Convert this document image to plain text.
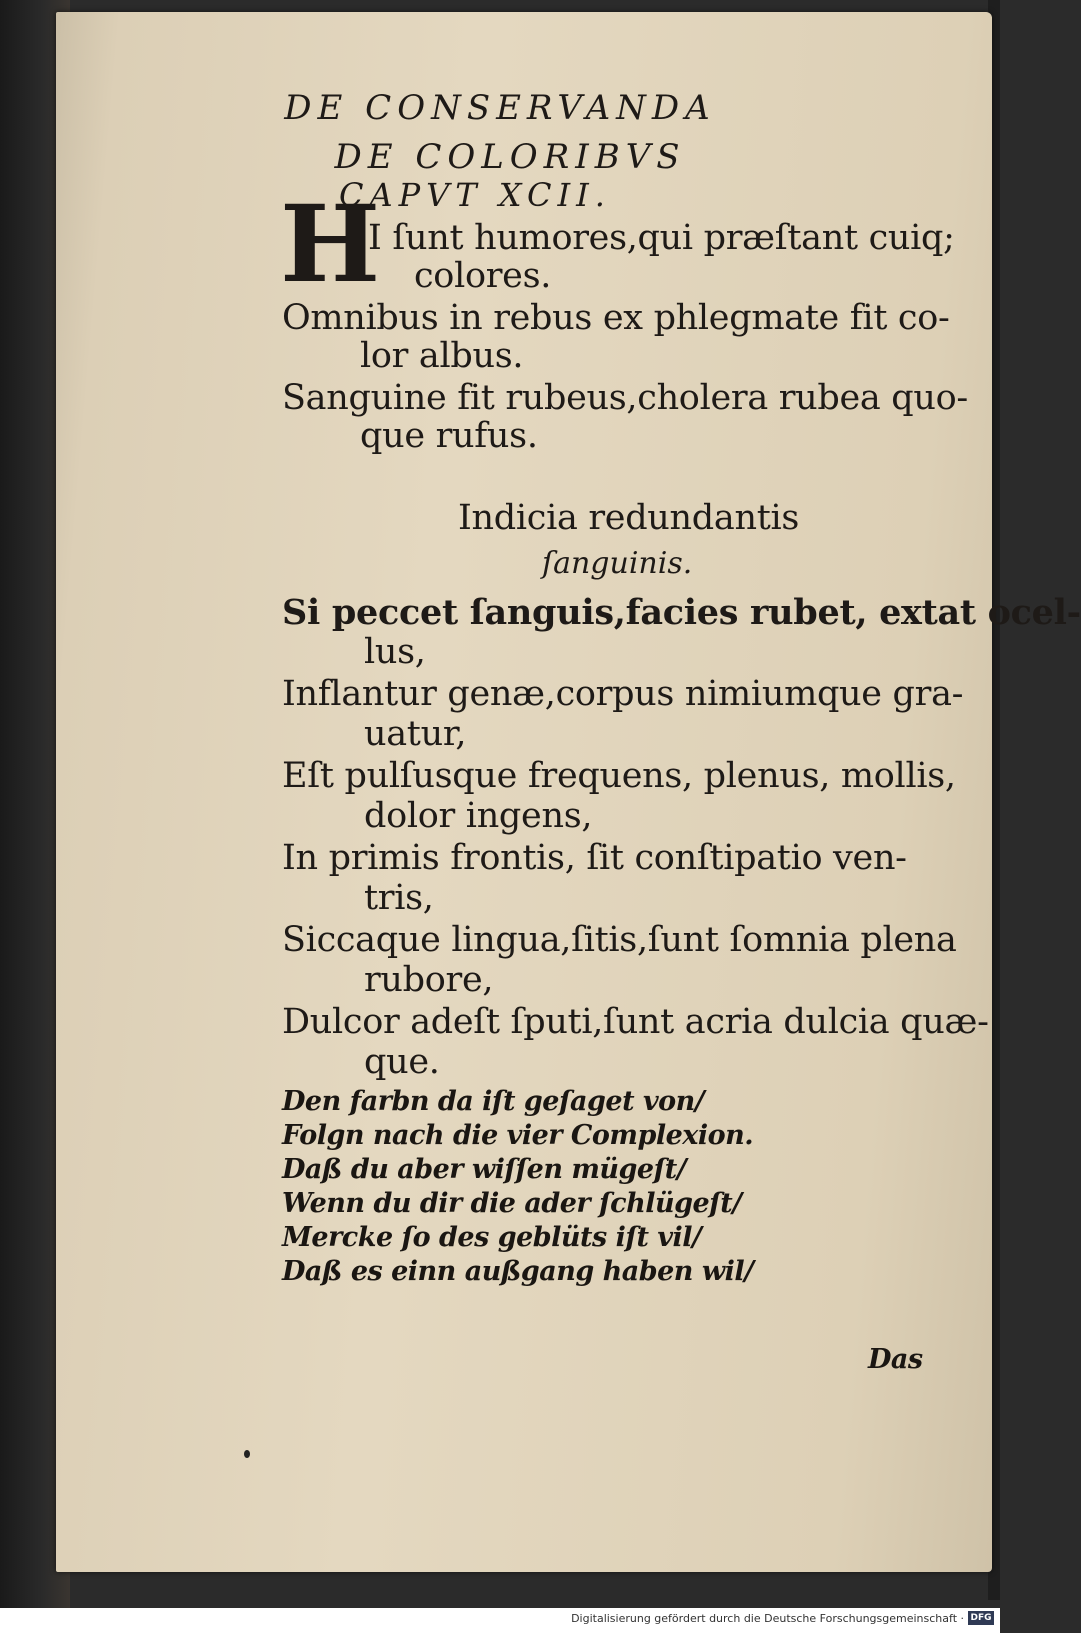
DE CONSERVANDA
DE COLORIBVS
CAPVT XCII.
H
I ſunt humores,qui præſtant cuiq;
colores.
Omnibus in rebus ex phlegmate fit co-
lor albus.
Sanguine fit rubeus,cholera rubea quo-
que rufus.
Indicia redundantis
ſanguinis.
Si peccet ſanguis,facies rubet, extat ocel-
lus,
Inflantur genæ,corpus nimiumque gra-
uatur,
Eſt pulſusque frequens, plenus, mollis,
dolor ingens,
In primis frontis, ſit conſtipatio ven-
tris,
Siccaque lingua,ſitis,ſunt ſomnia plena
rubore,
Dulcor adeſt ſputi,ſunt acria dulcia quæ-
que.
Den farbn da iſt geſaget von/
Folgn nach die vier Complexion.
Daß du aber wiſſen mügeſt/
Wenn du dir die ader ſchlügeſt/
Mercke ſo des geblüts iſt vil/
Daß es einn außgang haben wil/
Das
Digitalisierung gefördert durch die Deutsche Forschungsgemeinschaft · DFG
